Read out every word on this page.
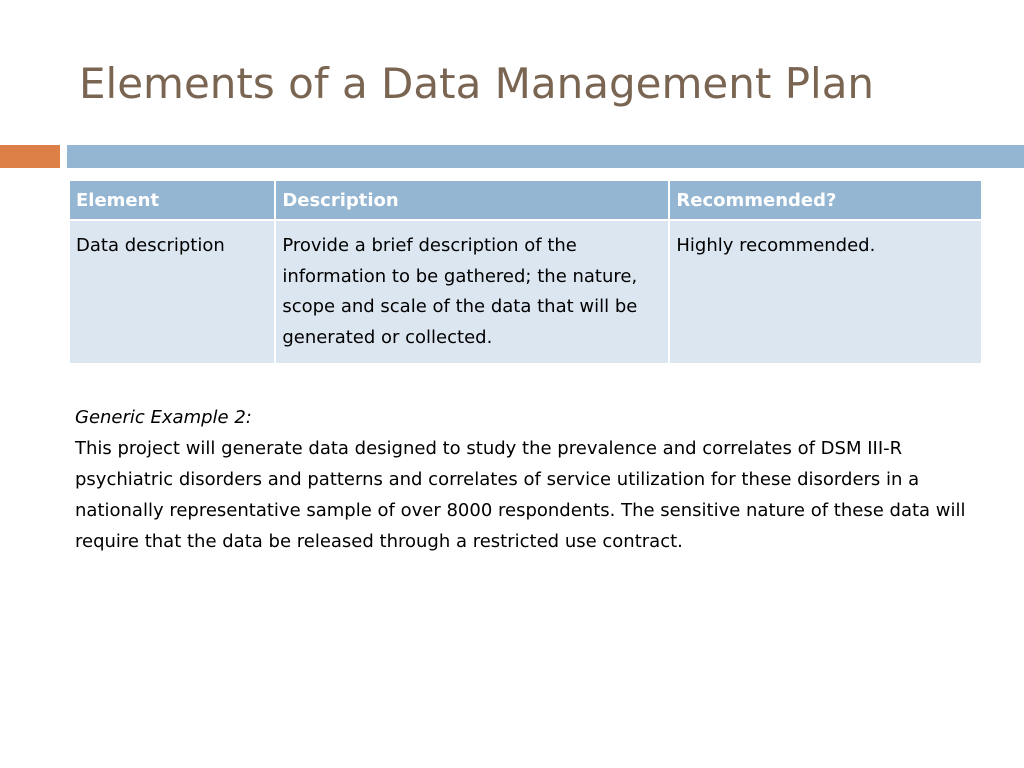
Elements of a Data Management Plan
Element	Description	Recommended?
Data description	Provide a brief description of the information to be gathered; the nature, scope and scale of the data that will be generated or collected.	Highly recommended.
Generic Example 2:

This project will generate data designed to study the prevalence and correlates of DSM III-R psychiatric disorders and patterns and correlates of service utilization for these disorders in a nationally representative sample of over 8000 respondents. The sensitive nature of these data will require that the data be released through a restricted use contract.
